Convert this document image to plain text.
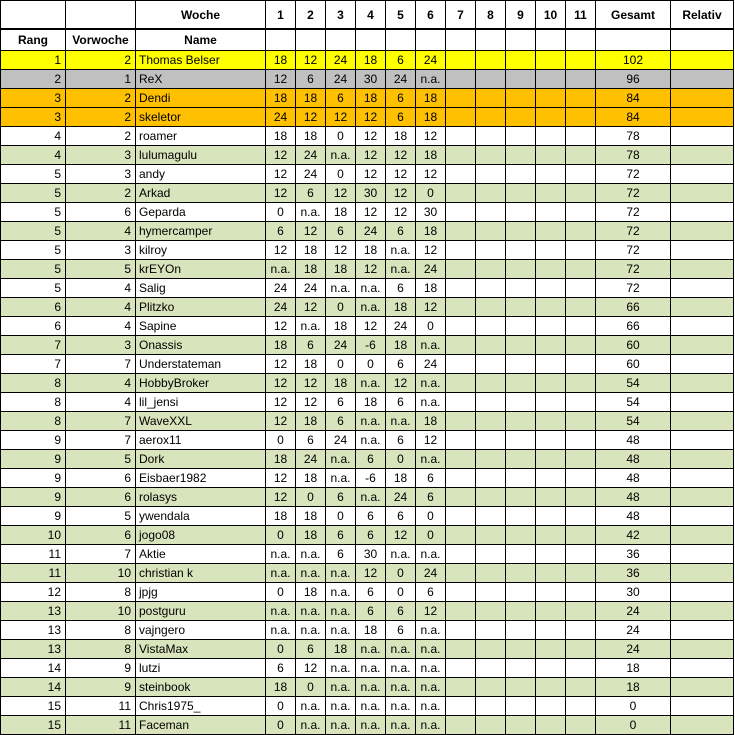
		Woche	1	2	3	4	5	6	7	8	9	10	11	Gesamt	Relativ
Rang	Vorwoche	Name													
1	2	Thomas Belser	18	12	24	18	6	24						102	
2	1	ReX	12	6	24	30	24	n.a.						96	
3	2	Dendi	18	18	6	18	6	18						84	
3	2	skeletor	24	12	12	12	6	18						84	
4	2	roamer	18	18	0	12	18	12						78	
4	3	lulumagulu	12	24	n.a.	12	12	18						78	
5	3	andy	12	24	0	12	12	12						72	
5	2	Arkad	12	6	12	30	12	0						72	
5	6	Geparda	0	n.a.	18	12	12	30						72	
5	4	hymercamper	6	12	6	24	6	18						72	
5	3	kilroy	12	18	12	18	n.a.	12						72	
5	5	krEYOn	n.a.	18	18	12	n.a.	24						72	
5	4	Salig	24	24	n.a.	n.a.	6	18						72	
6	4	Plitzko	24	12	0	n.a.	18	12						66	
6	4	Sapine	12	n.a.	18	12	24	0						66	
7	3	Onassis	18	6	24	-6	18	n.a.						60	
7	7	Understateman	12	18	0	0	6	24						60	
8	4	HobbyBroker	12	12	18	n.a.	12	n.a.						54	
8	4	lil_jensi	12	12	6	18	6	n.a.						54	
8	7	WaveXXL	12	18	6	n.a.	n.a.	18						54	
9	7	aerox11	0	6	24	n.a.	6	12						48	
9	5	Dork	18	24	n.a.	6	0	n.a.						48	
9	6	Eisbaer1982	12	18	n.a.	-6	18	6						48	
9	6	rolasys	12	0	6	n.a.	24	6						48	
9	5	ywendala	18	18	0	6	6	0						48	
10	6	jogo08	0	18	6	6	12	0						42	
11	7	Aktie	n.a.	n.a.	6	30	n.a.	n.a.						36	
11	10	christian k	n.a.	n.a.	n.a.	12	0	24						36	
12	8	jpjg	0	18	n.a.	6	0	6						30	
13	10	postguru	n.a.	n.a.	n.a.	6	6	12						24	
13	8	vajngero	n.a.	n.a.	n.a.	18	6	n.a.						24	
13	8	VistaMax	0	6	18	n.a.	n.a.	n.a.						24	
14	9	lutzi	6	12	n.a.	n.a.	n.a.	n.a.						18	
14	9	steinbook	18	0	n.a.	n.a.	n.a.	n.a.						18	
15	11	Chris1975_	0	n.a.	n.a.	n.a.	n.a.	n.a.						0	
15	11	Faceman	0	n.a.	n.a.	n.a.	n.a.	n.a.						0	
